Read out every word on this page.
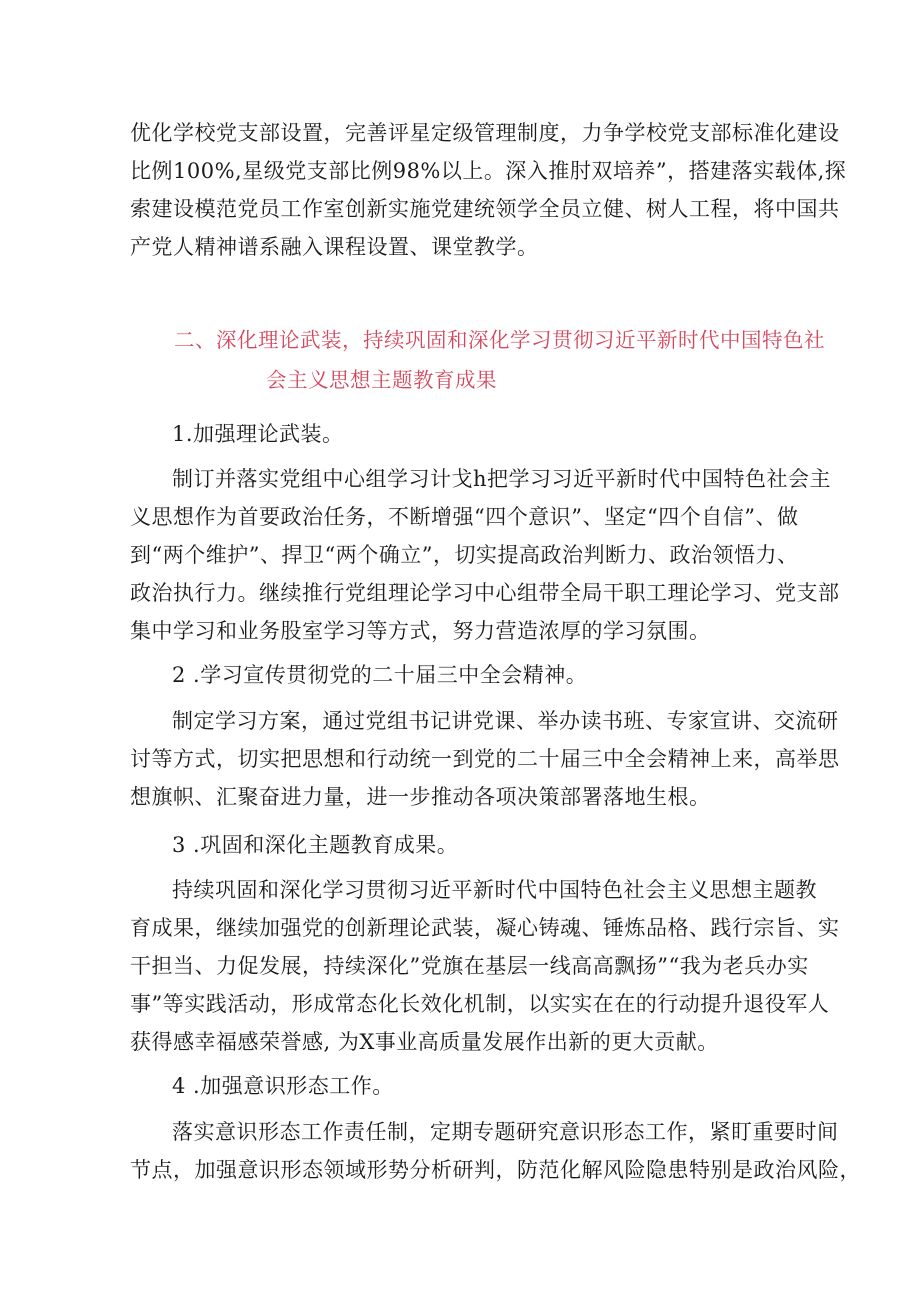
优化学校党支部设置，完善评星定级管理制度，力争学校党支部标准化建设
比例100%,星级党支部比例98%以上。深入推肘双培养”，搭建落实载体,探
索建设模范党员工作室创新实施党建统领学全员立健、树人工程，将中国共
产党人精神谱系融入课程设置、课堂教学。
二、深化理论武装，持续巩固和深化学习贯彻习近平新时代中国特色社
会主义思想主题教育成果
1.加强理论武装。
制订并落实党组中心组学习计戈h把学习习近平新时代中国特色社会主
义思想作为首要政治任务，不断增强“四个意识”、坚定“四个自信”、做
到“两个维护”、捍卫“两个确立”，切实提高政治判断力、政治领悟力、
政治执行力。继续推行党组理论学习中心组带全局干职工理论学习、党支部
集中学习和业务股室学习等方式，努力营造浓厚的学习氛围。
2 .学习宣传贯彻党的二十届三中全会精神。
制定学习方案，通过党组书记讲党课、举办读书班、专家宣讲、交流研
讨等方式，切实把思想和行动统一到党的二十届三中全会精神上来，高举思
想旗帜、汇聚奋进力量，进一步推动各项决策部署落地生根。
3 .巩固和深化主题教育成果。
持续巩固和深化学习贯彻习近平新时代中国特色社会主义思想主题教
育成果，继续加强党的创新理论武装，凝心铸魂、锤炼品格、践行宗旨、实
干担当、力促发展，持续深化”党旗在基层一线高高飘扬”“我为老兵办实
事”等实践活动，形成常态化长效化机制，以实实在在的行动提升退役军人
获得感幸福感荣誉感, 为X事业高质量发展作出新的更大贡献。
4 .加强意识形态工作。
落实意识形态工作责任制，定期专题研究意识形态工作，紧盯重要时间
节点，加强意识形态领域形势分析研判，防范化解风险隐患特别是政治风险，
